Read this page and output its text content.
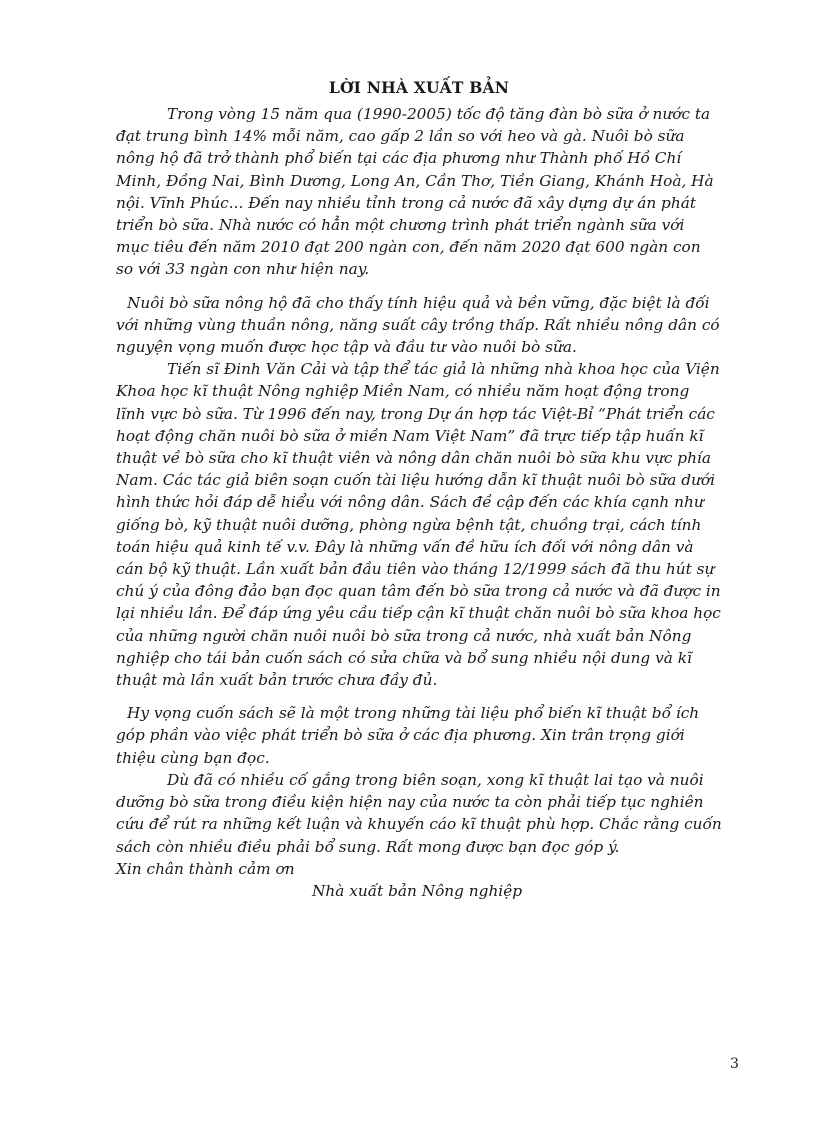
LỜI NHÀ XUẤT BẢN

Trong vòng 15 năm qua (1990-2005) tốc độ tăng đàn bò sữa ở nước ta đạt trung bình 14% mỗi năm, cao gấp 2 lần so với heo và gà. Nuôi bò sữa nông hộ đã trở thành phổ biến tại các địa phương như Thành phố Hồ Chí Minh, Đồng Nai, Bình Dương, Long An, Cần Thơ, Tiền Giang, Khánh Hoà, Hà nội. Vĩnh Phúc... Đến nay nhiều tỉnh trong cả nước đã xây dựng dự án phát triển bò sữa. Nhà nước có hẳn một chương trình phát triển ngành sữa với mục tiêu đến năm 2010 đạt 200 ngàn con, đến năm 2020 đạt 600 ngàn con so với 33 ngàn con như hiện nay.

Nuôi bò sữa nông hộ đã cho thấy tính hiệu quả và bền vững, đặc biệt là đối với những vùng thuần nông, năng suất cây trồng thấp. Rất nhiều nông dân có nguyện vọng muốn được học tập và đầu tư vào nuôi bò sữa.

Tiến sĩ Đinh Văn Cải và tập thể tác giả là những nhà khoa học của Viện Khoa học kĩ thuật Nông nghiệp Miền Nam, có nhiều năm hoạt động trong lĩnh vực bò sữa. Từ 1996 đến nay, trong Dự án hợp tác Việt-Bỉ “Phát triển các hoạt động chăn nuôi bò sữa ở miền Nam Việt Nam” đã trực tiếp tập huấn kĩ thuật về bò sữa cho kĩ thuật viên và nông dân chăn nuôi bò sữa khu vực phía Nam. Các tác giả biên soạn cuốn tài liệu hướng dẫn kĩ thuật nuôi bò sữa dưới hình thức hỏi đáp dễ hiểu với nông dân. Sách đề cập đến các khía cạnh như giống bò, kỹ thuật nuôi dưỡng, phòng ngừa bệnh tật, chuồng trại, cách tính toán hiệu quả kinh tế v.v. Đây là những vấn đề hữu ích đối với nông dân và cán bộ kỹ thuật. Lần xuất bản đầu tiên vào tháng 12/1999 sách đã thu hút sự chú ý của đông đảo bạn đọc quan tâm đến bò sữa trong cả nước và đã được in lại nhiều lần. Để đáp ứng yêu cầu tiếp cận kĩ thuật chăn nuôi bò sữa khoa học của những người chăn nuôi nuôi bò sữa trong cả nước, nhà xuất bản Nông nghiệp cho tái bản cuốn sách có sửa chữa và bổ sung nhiều nội dung và kĩ thuật mà lần xuất bản trước chưa đầy đủ.

Hy vọng cuốn sách sẽ là một trong những tài liệu phổ biến kĩ thuật bổ ích góp phần vào việc phát triển bò sữa ở các địa phương. Xin trân trọng giới thiệu cùng bạn đọc.

Dù đã có nhiều cố gắng trong biên soạn, xong kĩ thuật lai tạo và nuôi dưỡng bò sữa trong điều kiện hiện nay của nước ta còn phải tiếp tục nghiên cứu để rút ra những kết luận và khuyến cáo kĩ thuật phù hợp. Chắc rằng cuốn sách còn nhiều điều phải bổ sung. Rất mong được bạn đọc góp ý.

Xin chân thành cảm ơn

Nhà xuất bản Nông nghiệp

3
